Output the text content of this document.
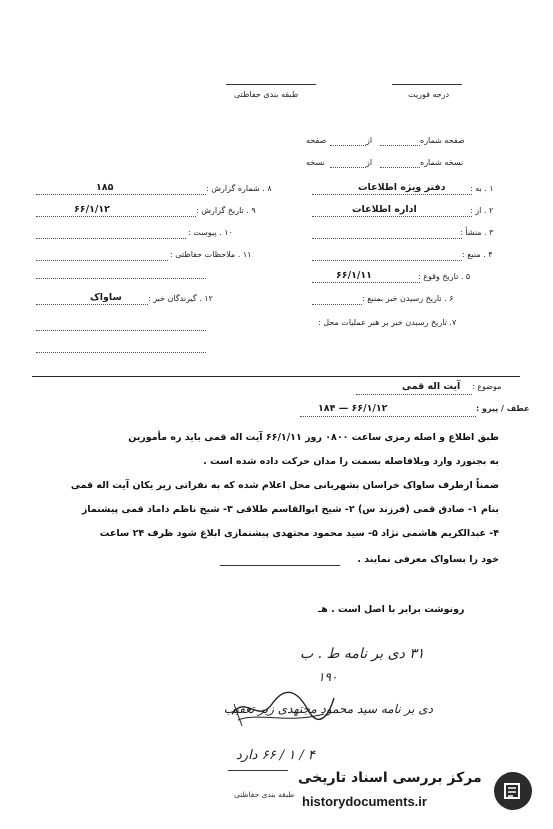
درجه فوریت
طبقه بندی حفاظتی
صفحه شماره
از
صفحه
نسخه شماره
از
نسخه
۱ . به :
دفتر ویژه اطلاعات
۲ . از :
اداره اطلاعات
۳ . منشأ :
۴ . منبع :
۵ . تاریخ وقوع :
۶۶/۱/۱۱
۶ . تاریخ رسیدن خبر بمنبع :
۷. تاریخ رسیدن خبر بر هبر عملیات محل :
۸ . شماره گزارش :
۱۸۵
۹ . تاریخ گزارش :
۶۶/۱/۱۲
۱۰ . پیوست :
۱۱ . ملاحظات حفاظتی :
۱۲ . گیرندگان خبر :
ساواک
موضوع :
آیت اله قمی
عطف / پیرو :
۱۸۴ — ۶۶/۱/۱۲
طبق اطلاع و اصله رمزی ساعت ۰۸۰۰ روز ۶۶/۱/۱۱ آیت اله قمی باید ره مأمورین
به بجنورد وارد وبلافاصله بسمت را مدان حرکت داده شده است .
ضمناً ازطرف ساواک خراسان بشهربانی محل اعلام شده که به نفراتی زیر یکان آیت اله قمی
بنام ۱- صادق قمی (فرزند س) ۲- شیخ ابوالقاسم طلاقی ۳- شیخ ناظم داماد قمی پیشنماز
۴- عبدالکریم هاشمی نژاد ۵- سید محمود مجتهدی پیشنمازی ابلاغ شود ظرف ۲۴ ساعت
خود را بساواک معرفی نمایند .
رونوشت برابر با اصل است . هـ
۳۱ دی بر نامه ط . ب
۱۹۰
دی بر نامه سید محمود مجتهدی زیر تعقیب
۴ / ۱ / ۶۶ دارد
طبقه بندی حفاظتی
مرکز بررسی اسناد تاریخی
historydocuments.ir
